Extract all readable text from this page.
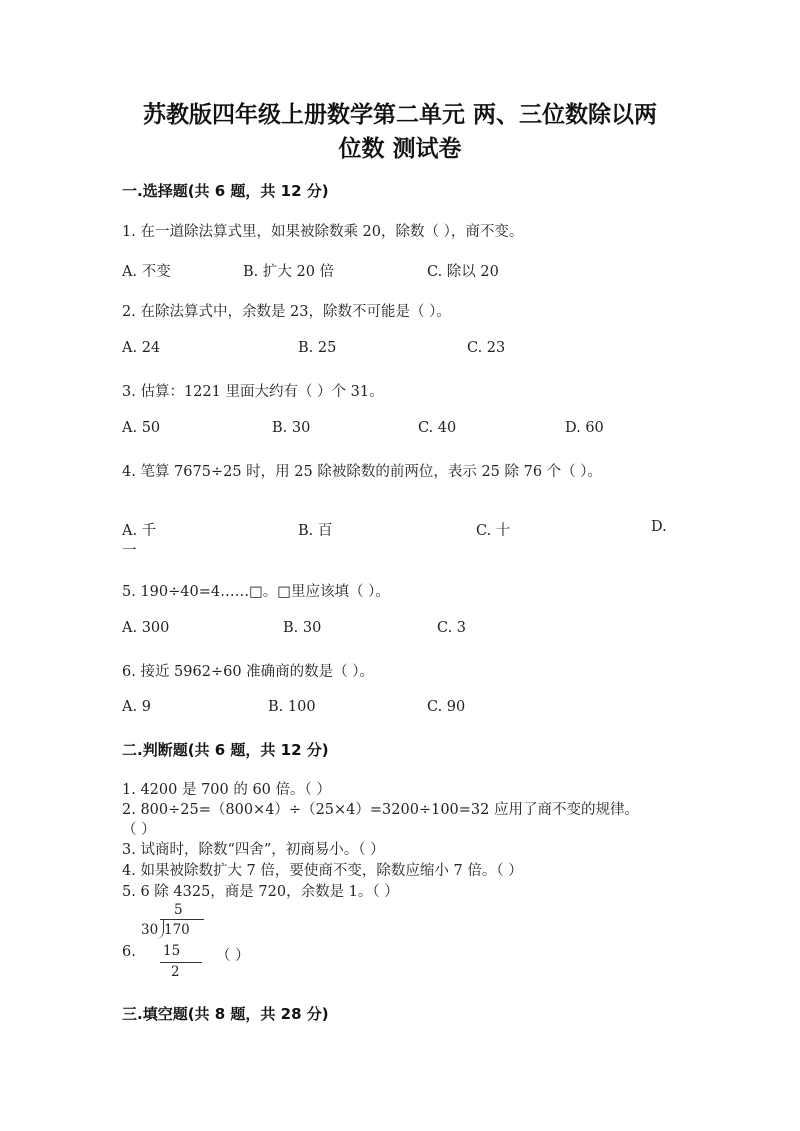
苏教版四年级上册数学第二单元 两、三位数除以两
位数 测试卷
一.选择题(共 6 题，共 12 分)
1. 在一道除法算式里，如果被除数乘 20，除数（ ），商不变。
A. 不变	B. 扩大 20 倍	C. 除以 20
2. 在除法算式中，余数是 23，除数不可能是（ ）。
A. 24	B. 25	C. 23
3. 估算：1221 里面大约有（ ）个 31。
A. 50	B. 30	C. 40	D. 60
4. 笔算 7675÷25 时，用 25 除被除数的前两位，表示 25 除 76 个（ ）。
A. 千	B. 百	C. 十	D.
一
5. 190÷40=4……□。□里应该填（ ）。
A. 300	B. 30	C. 3
6. 接近 5962÷60 准确商的数是（ ）。
A. 9	B. 100	C. 90
二.判断题(共 6 题，共 12 分)
1. 4200 是 700 的 60 倍。（ ）
2. 800÷25=（800×4）÷（25×4）=3200÷100=32 应用了商不变的规律。
（ ）
3. 试商时，除数“四舍”，初商易小。（ ）
4. 如果被除数扩大 7 倍，要使商不变，除数应缩小 7 倍。（ ）
5. 6 除 4325，商是 720，余数是 1。（ ）
5
30 170
15
2
6.	（ ）
三.填空题(共 8 题，共 28 分)
